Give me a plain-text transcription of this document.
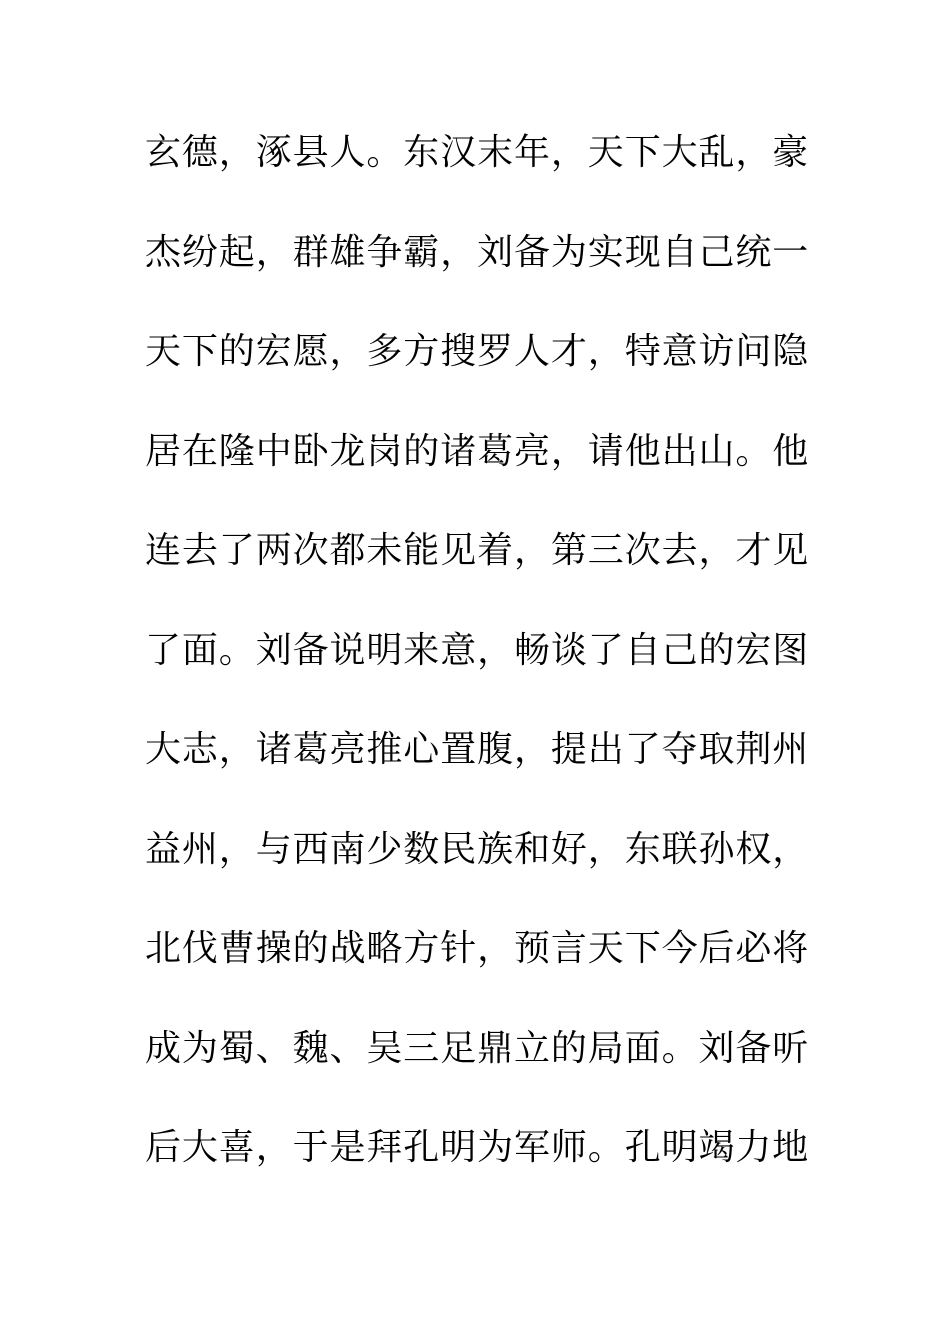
玄德，涿县人。东汉末年，天下大乱，豪
杰纷起，群雄争霸，刘备为实现自己统一
天下的宏愿，多方搜罗人才，特意访问隐
居在隆中卧龙岗的诸葛亮，请他出山。他
连去了两次都未能见着，第三次去，才见
了面。刘备说明来意，畅谈了自己的宏图
大志，诸葛亮推心置腹，提出了夺取荆州
益州，与西南少数民族和好，东联孙权，
北伐曹操的战略方针，预言天下今后必将
成为蜀、魏、吴三足鼎立的局面。刘备听
后大喜，于是拜孔明为军师。孔明竭力地
